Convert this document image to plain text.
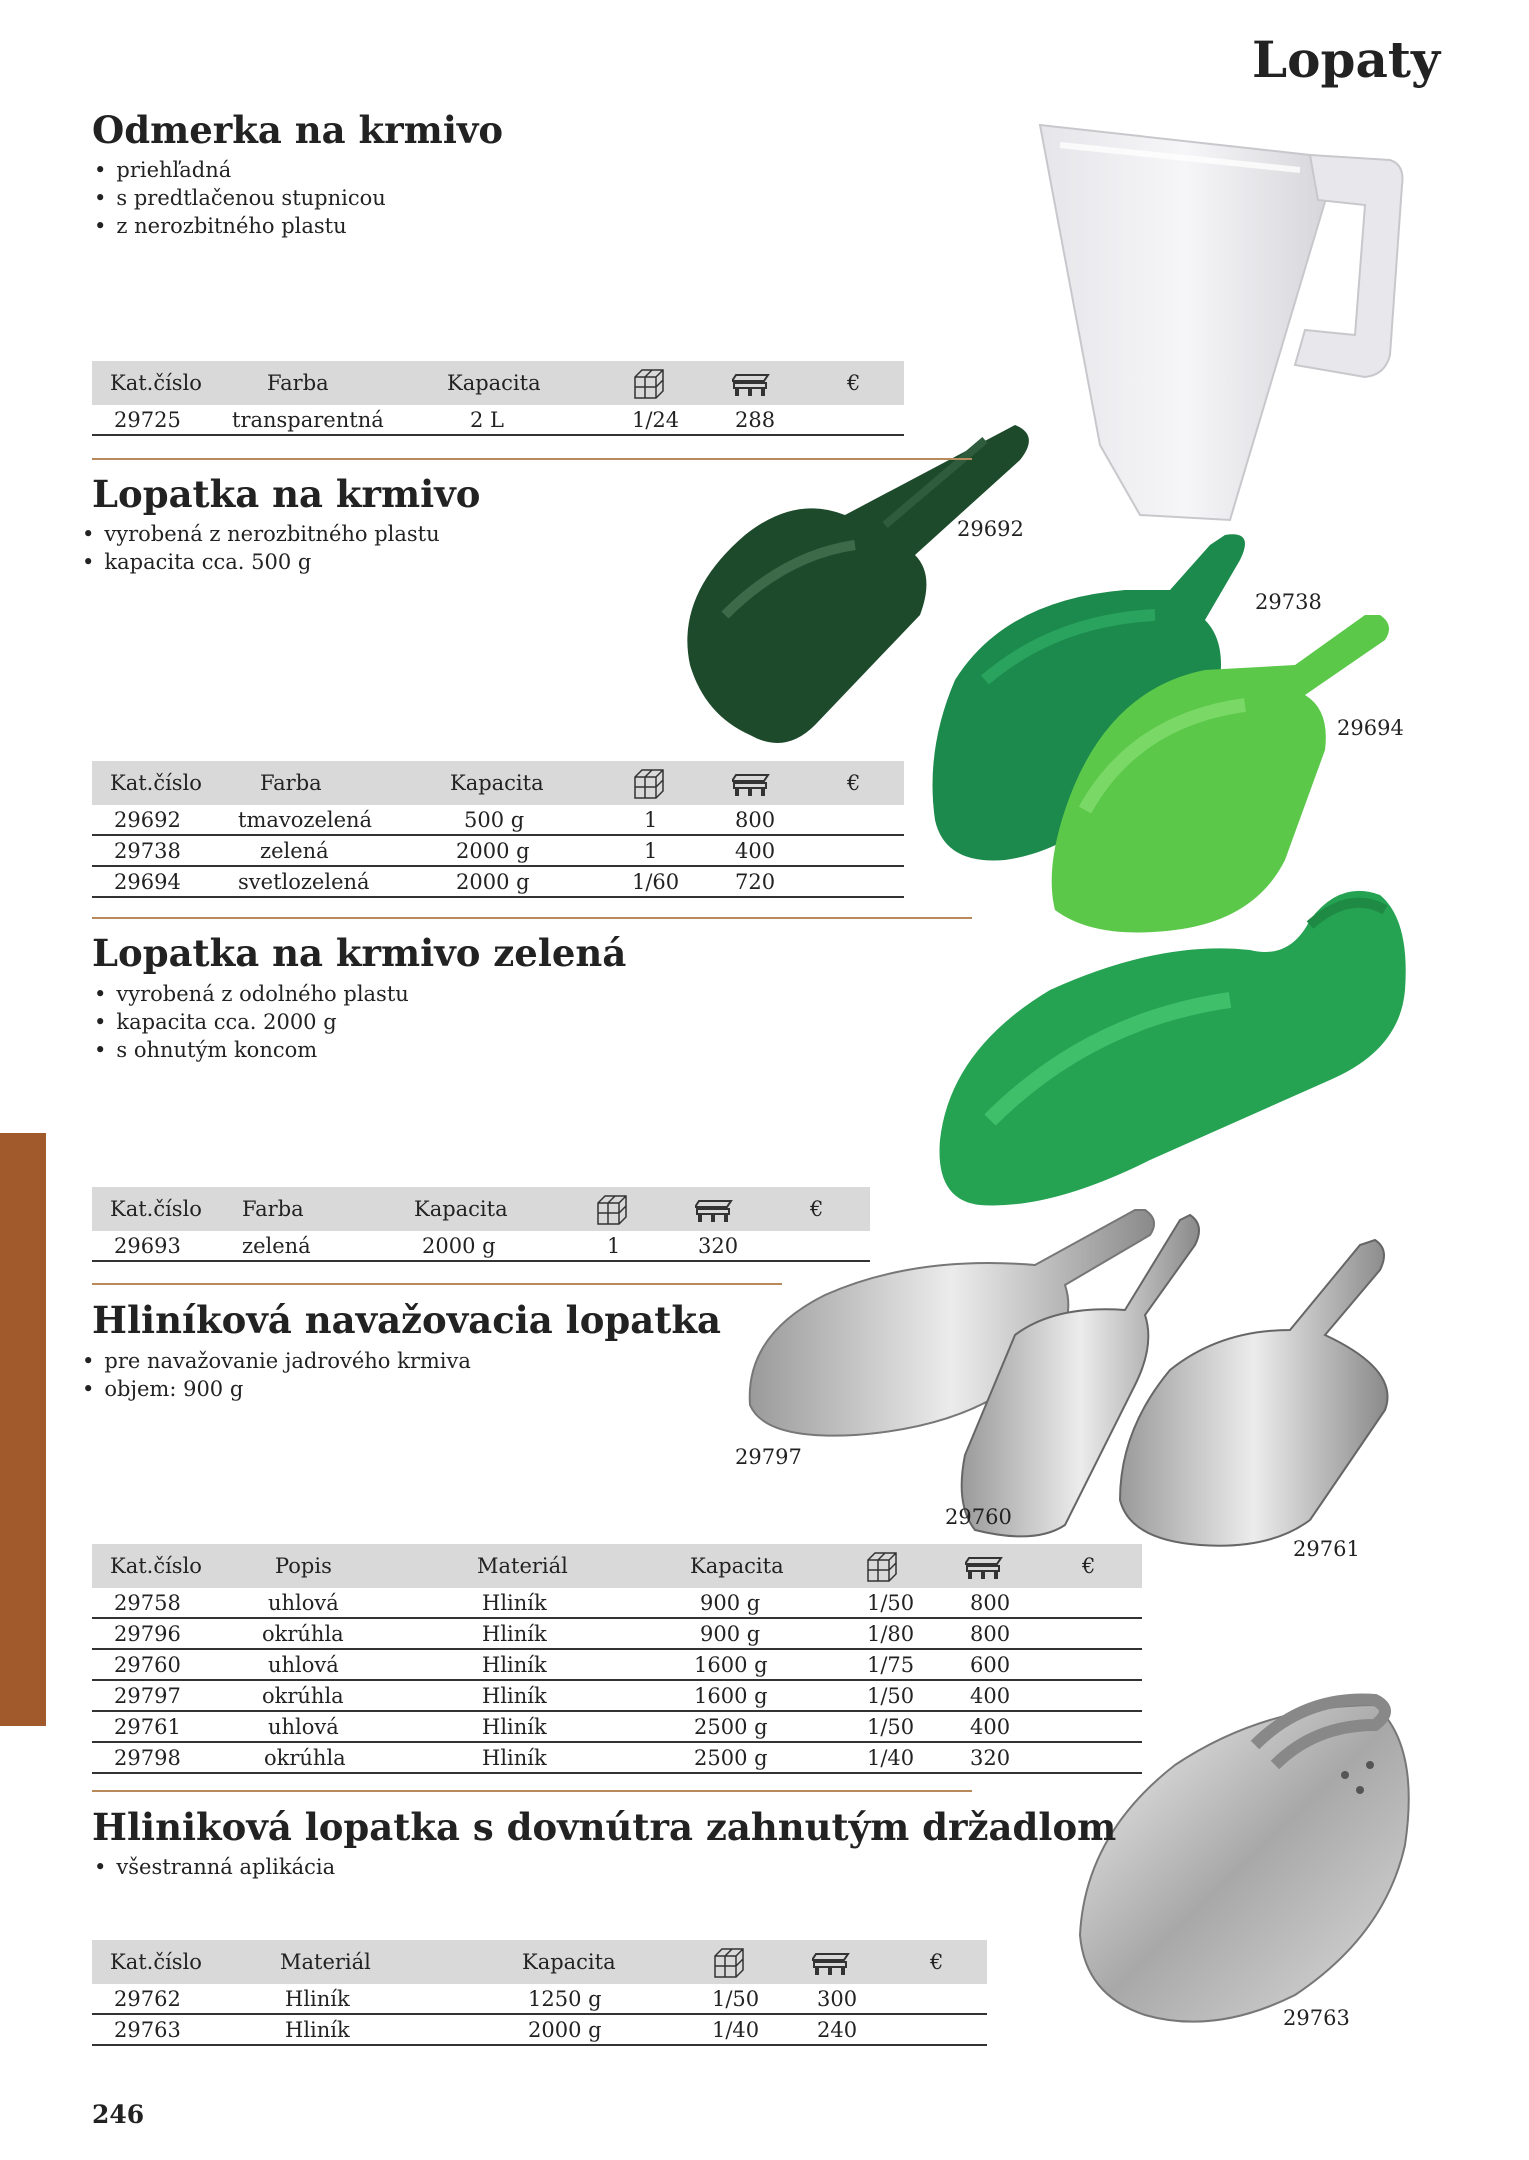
Lopaty
29692
29738
29694
29797
29760
29761
29763
Odmerka na krmivo
• priehľadná
• s predtlačenou stupnicou
• z nerozbitného plastu
Kat.číslo	Farba	Kapacita	€
29725 transparentná	2 L	1/24	288
Lopatka na krmivo
• vyrobená z nerozbitného plastu
• kapacita cca. 500 g
Kat.číslo	Farba	Kapacita	€
29692	tmavozelená	500 g	1	800
29738	zelená	2000 g	1	400
29694	svetlozelená	2000 g	1/60	720
Lopatka na krmivo zelená
• vyrobená z odolného plastu
• kapacita cca. 2000 g
• s ohnutým koncom
Kat.číslo Farba	Kapacita	€
29693	zelená	2000 g	1	320
Hliníková navažovacia lopatka
• pre navažovanie jadrového krmiva
• objem: 900 g
Kat.číslo	Popis	Materiál	Kapacita	€
29758	uhlová	Hliník	900 g	1/50	800
29796	okrúhla	Hliník	900 g	1/80	800
29760	uhlová	Hliník	1600 g	1/75	600
29797	okrúhla	Hliník	1600 g	1/50	400
29761	uhlová	Hliník	2500 g	1/50	400
29798	okrúhla	Hliník	2500 g	1/40	320
Hliniková lopatka s dovnútra zahnutým držadlom
• všestranná aplikácia
Kat.číslo	Materiál	Kapacita	€
29762	Hliník	1250 g	1/50	300
29763	Hliník	2000 g	1/40	240
246
